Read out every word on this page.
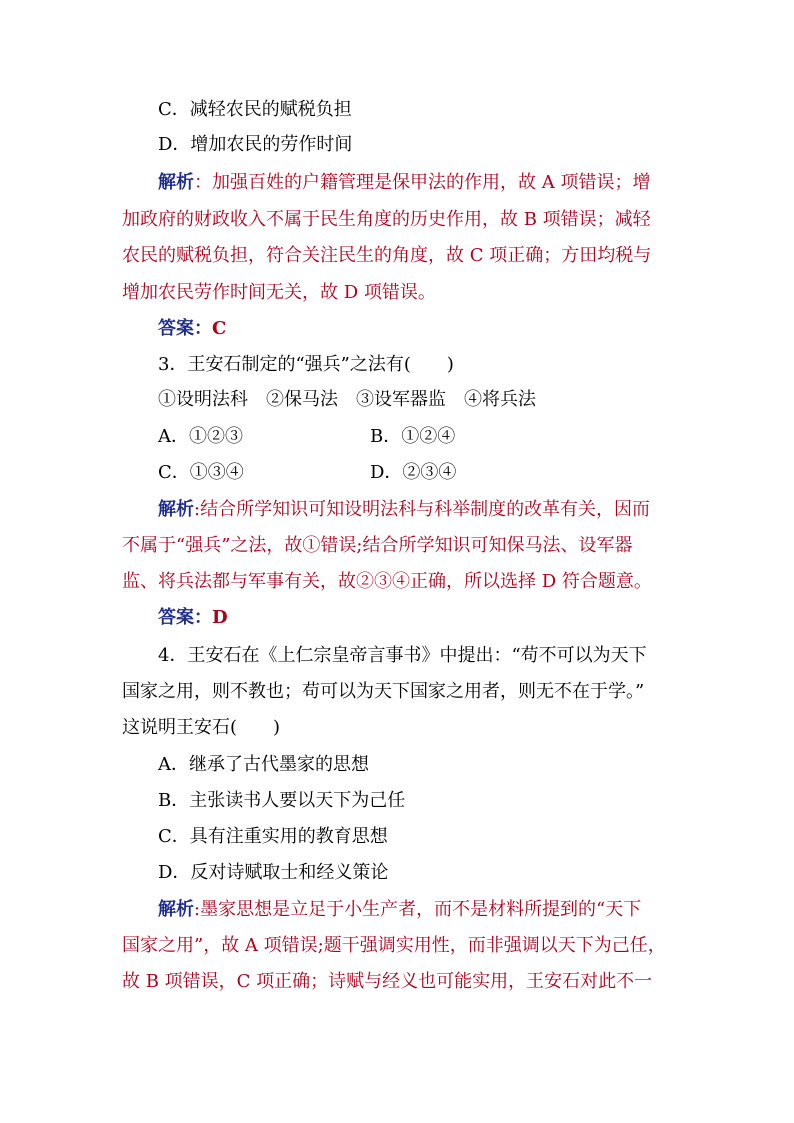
C．减轻农民的赋税负担
D．增加农民的劳作时间
解析：加强百姓的户籍管理是保甲法的作用，故 A 项错误；增
加政府的财政收入不属于民生角度的历史作用，故 B 项错误；减轻
农民的赋税负担，符合关注民生的角度，故 C 项正确；方田均税与
增加农民劳作时间无关，故 D 项错误。
答案：C
3．王安石制定的“强兵”之法有(　　)
①设明法科　②保马法　③设军器监　④将兵法
A．①②③	B．①②④
C．①③④	D．②③④
解析:结合所学知识可知设明法科与科举制度的改革有关，因而
不属于“强兵”之法，故①错误;结合所学知识可知保马法、设军器
监、将兵法都与军事有关，故②③④正确，所以选择 D 符合题意。
答案：D
4．王安石在《上仁宗皇帝言事书》中提出：“苟不可以为天下
国家之用，则不教也；苟可以为天下国家之用者，则无不在于学。”
这说明王安石(　　)
A．继承了古代墨家的思想
B．主张读书人要以天下为己任
C．具有注重实用的教育思想
D．反对诗赋取士和经义策论
解析:墨家思想是立足于小生产者，而不是材料所提到的“天下
国家之用”，故 A 项错误;题干强调实用性，而非强调以天下为己任，
故 B 项错误，C 项正确；诗赋与经义也可能实用，王安石对此不一
